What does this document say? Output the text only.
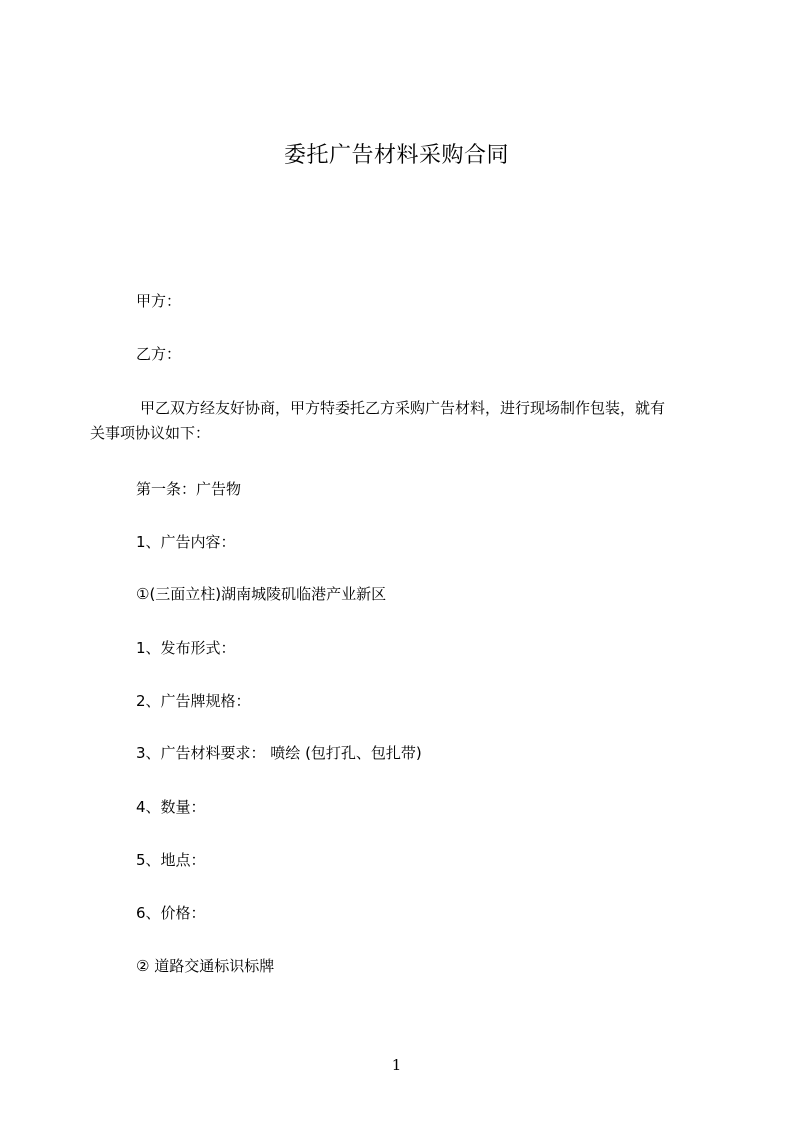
委托广告材料采购合同
甲方：
乙方：
甲乙双方经友好协商，甲方特委托乙方采购广告材料，进行现场制作包装，就有
关事项协议如下：
第一条：广告物
1、广告内容：
①(三面立柱)湖南城陵矶临港产业新区
1、发布形式：
2、广告牌规格：
3、广告材料要求： 喷绘 (包打孔、包扎带)
4、数量：
5、地点：
6、价格：
② 道路交通标识标牌
1
